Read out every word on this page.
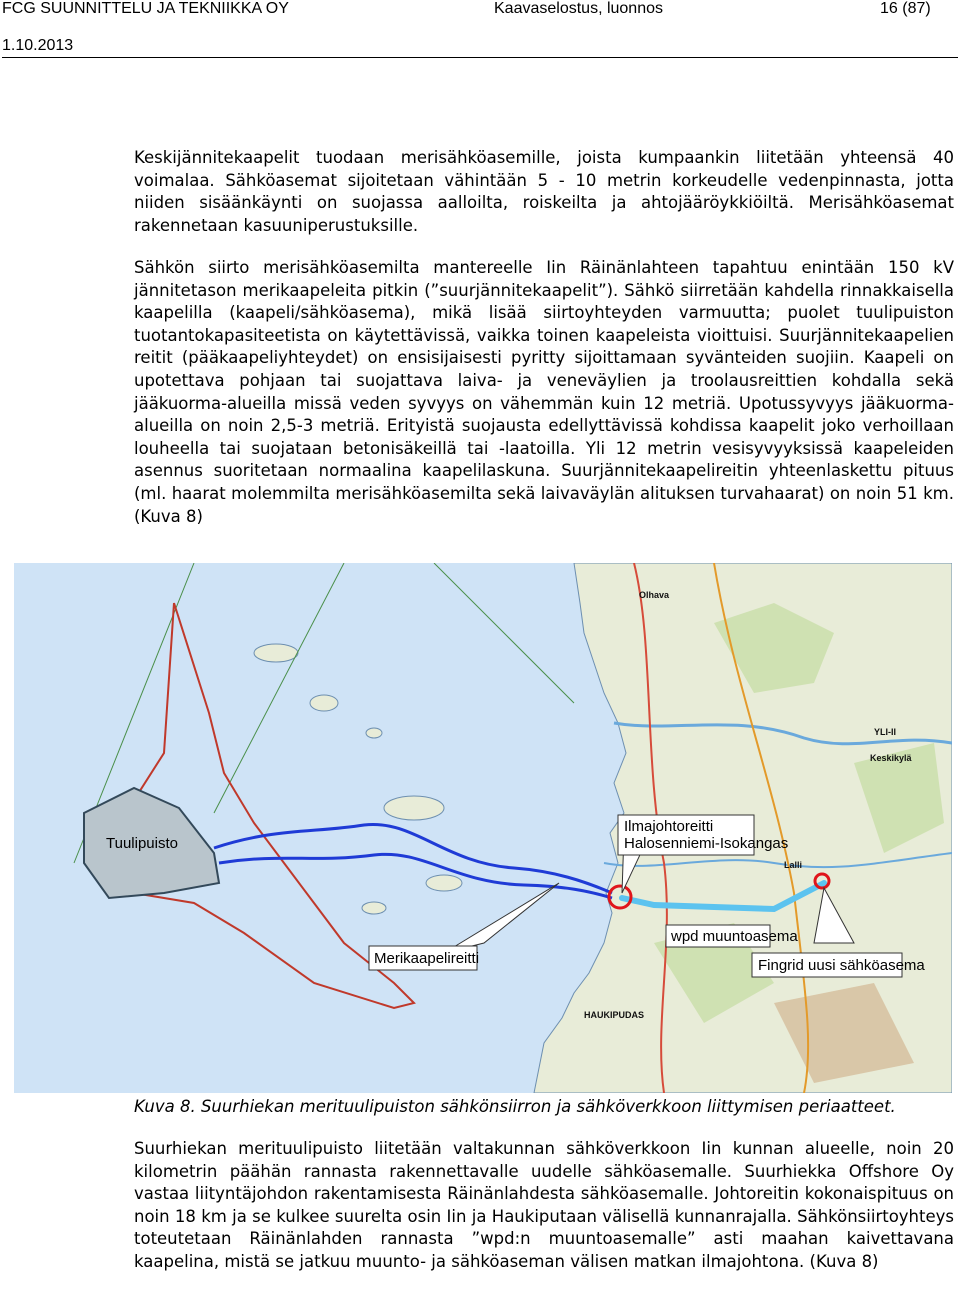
FCG SUUNNITTELU JA TEKNIIKKA OY	Kaavaselostus, luonnos	16 (87)
1.10.2013

Keskijännitekaapelit tuodaan merisähköasemille, joista kumpaankin liitetään yhteensä 40 voimalaa. Sähköasemat sijoitetaan vähintään 5 - 10 metrin korkeudelle vedenpinnasta, jotta niiden sisäänkäynti on suojassa aalloilta, roiskeilta ja ahtojääröykkiöiltä. Merisähköasemat rakennetaan kasuuniperustuksille.

Sähkön siirto merisähköasemilta mantereelle Iin Räinänlahteen tapahtuu enintään 150 kV jännitetason merikaapeleita pitkin (”suurjännitekaapelit”). Sähkö siirretään kahdella rinnakkaisella kaapelilla (kaapeli/sähköasema), mikä lisää siirtoyhteyden varmuutta; puolet tuulipuiston tuotantokapasiteetista on käytettävissä, vaikka toinen kaapeleista vioittuisi. Suurjännitekaapelien reitit (pääkaapeliyhteydet) on ensisijaisesti pyritty sijoittamaan syvänteiden suojiin. Kaapeli on upotettava pohjaan tai suojattava laiva- ja veneväylien ja troolausreittien kohdalla sekä jääkuorma-alueilla missä veden syvyys on vähemmän kuin 12 metriä. Upotussyvyys jääkuorma-alueilla on noin 2,5-3 metriä. Erityistä suojausta edellyttävissä kohdissa kaapelit joko verhoillaan louheella tai suojataan betonisäkeillä tai -laatoilla. Yli 12 metrin vesisyvyyksissä kaapeleiden asennus suoritetaan normaalina kaapelilaskuna. Suurjännitekaapelireitin yhteenlaskettu pituus (ml. haarat molemmilta merisähköasemilta sekä laivaväylän alituksen turvahaarat) on noin 51 km. (Kuva 8)

Ilmajohtoreitti
Halosenniemi-Isokangas
Merikaapelireitti
wpd muuntoasema
Fingrid uusi sähköasema
Tuulipuisto
Olhava
YLI-II
Keskikylä
Lalli
HAUKIPUDAS

Kuva 8. Suurhiekan merituulipuiston sähkönsiirron ja sähköverkkoon liittymisen periaatteet.

Suurhiekan merituulipuisto liitetään valtakunnan sähköverkkoon Iin kunnan alueelle, noin 20 kilometrin päähän rannasta rakennettavalle uudelle sähköasemalle. Suurhiekka Offshore Oy vastaa liityntäjohdon rakentamisesta Räinänlahdesta sähköasemalle. Johtoreitin kokonaispituus on noin 18 km ja se kulkee suurelta osin Iin ja Haukiputaan välisellä kunnanrajalla. Sähkönsiirtoyhteys toteutetaan Räinänlahden rannasta ”wpd:n muuntoasemalle” asti maahan kaivettavana kaapelina, mistä se jatkuu muunto- ja sähköaseman välisen matkan ilmajohtona. (Kuva 8)
